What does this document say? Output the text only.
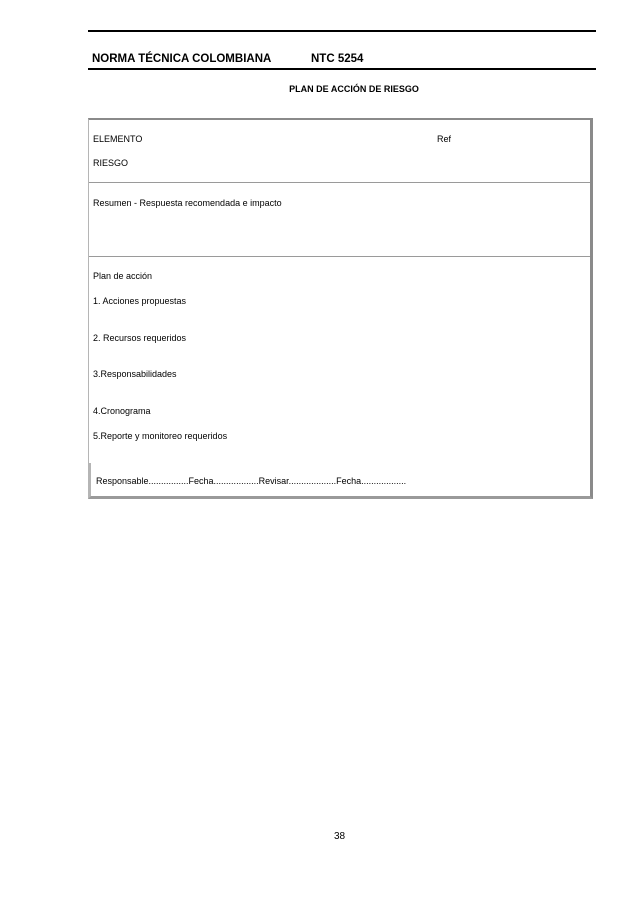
NORMA TÉCNICA COLOMBIANA	NTC 5254
PLAN DE ACCIÓN DE RIESGO
ELEMENTO	Ref
RIESGO
Resumen - Respuesta recomendada e impacto
Plan de acción
1. Acciones propuestas
2. Recursos requeridos
3.Responsabilidades
4.Cronograma
5.Reporte y monitoreo requeridos
Responsable................Fecha..................Revisar...................Fecha..................
38
